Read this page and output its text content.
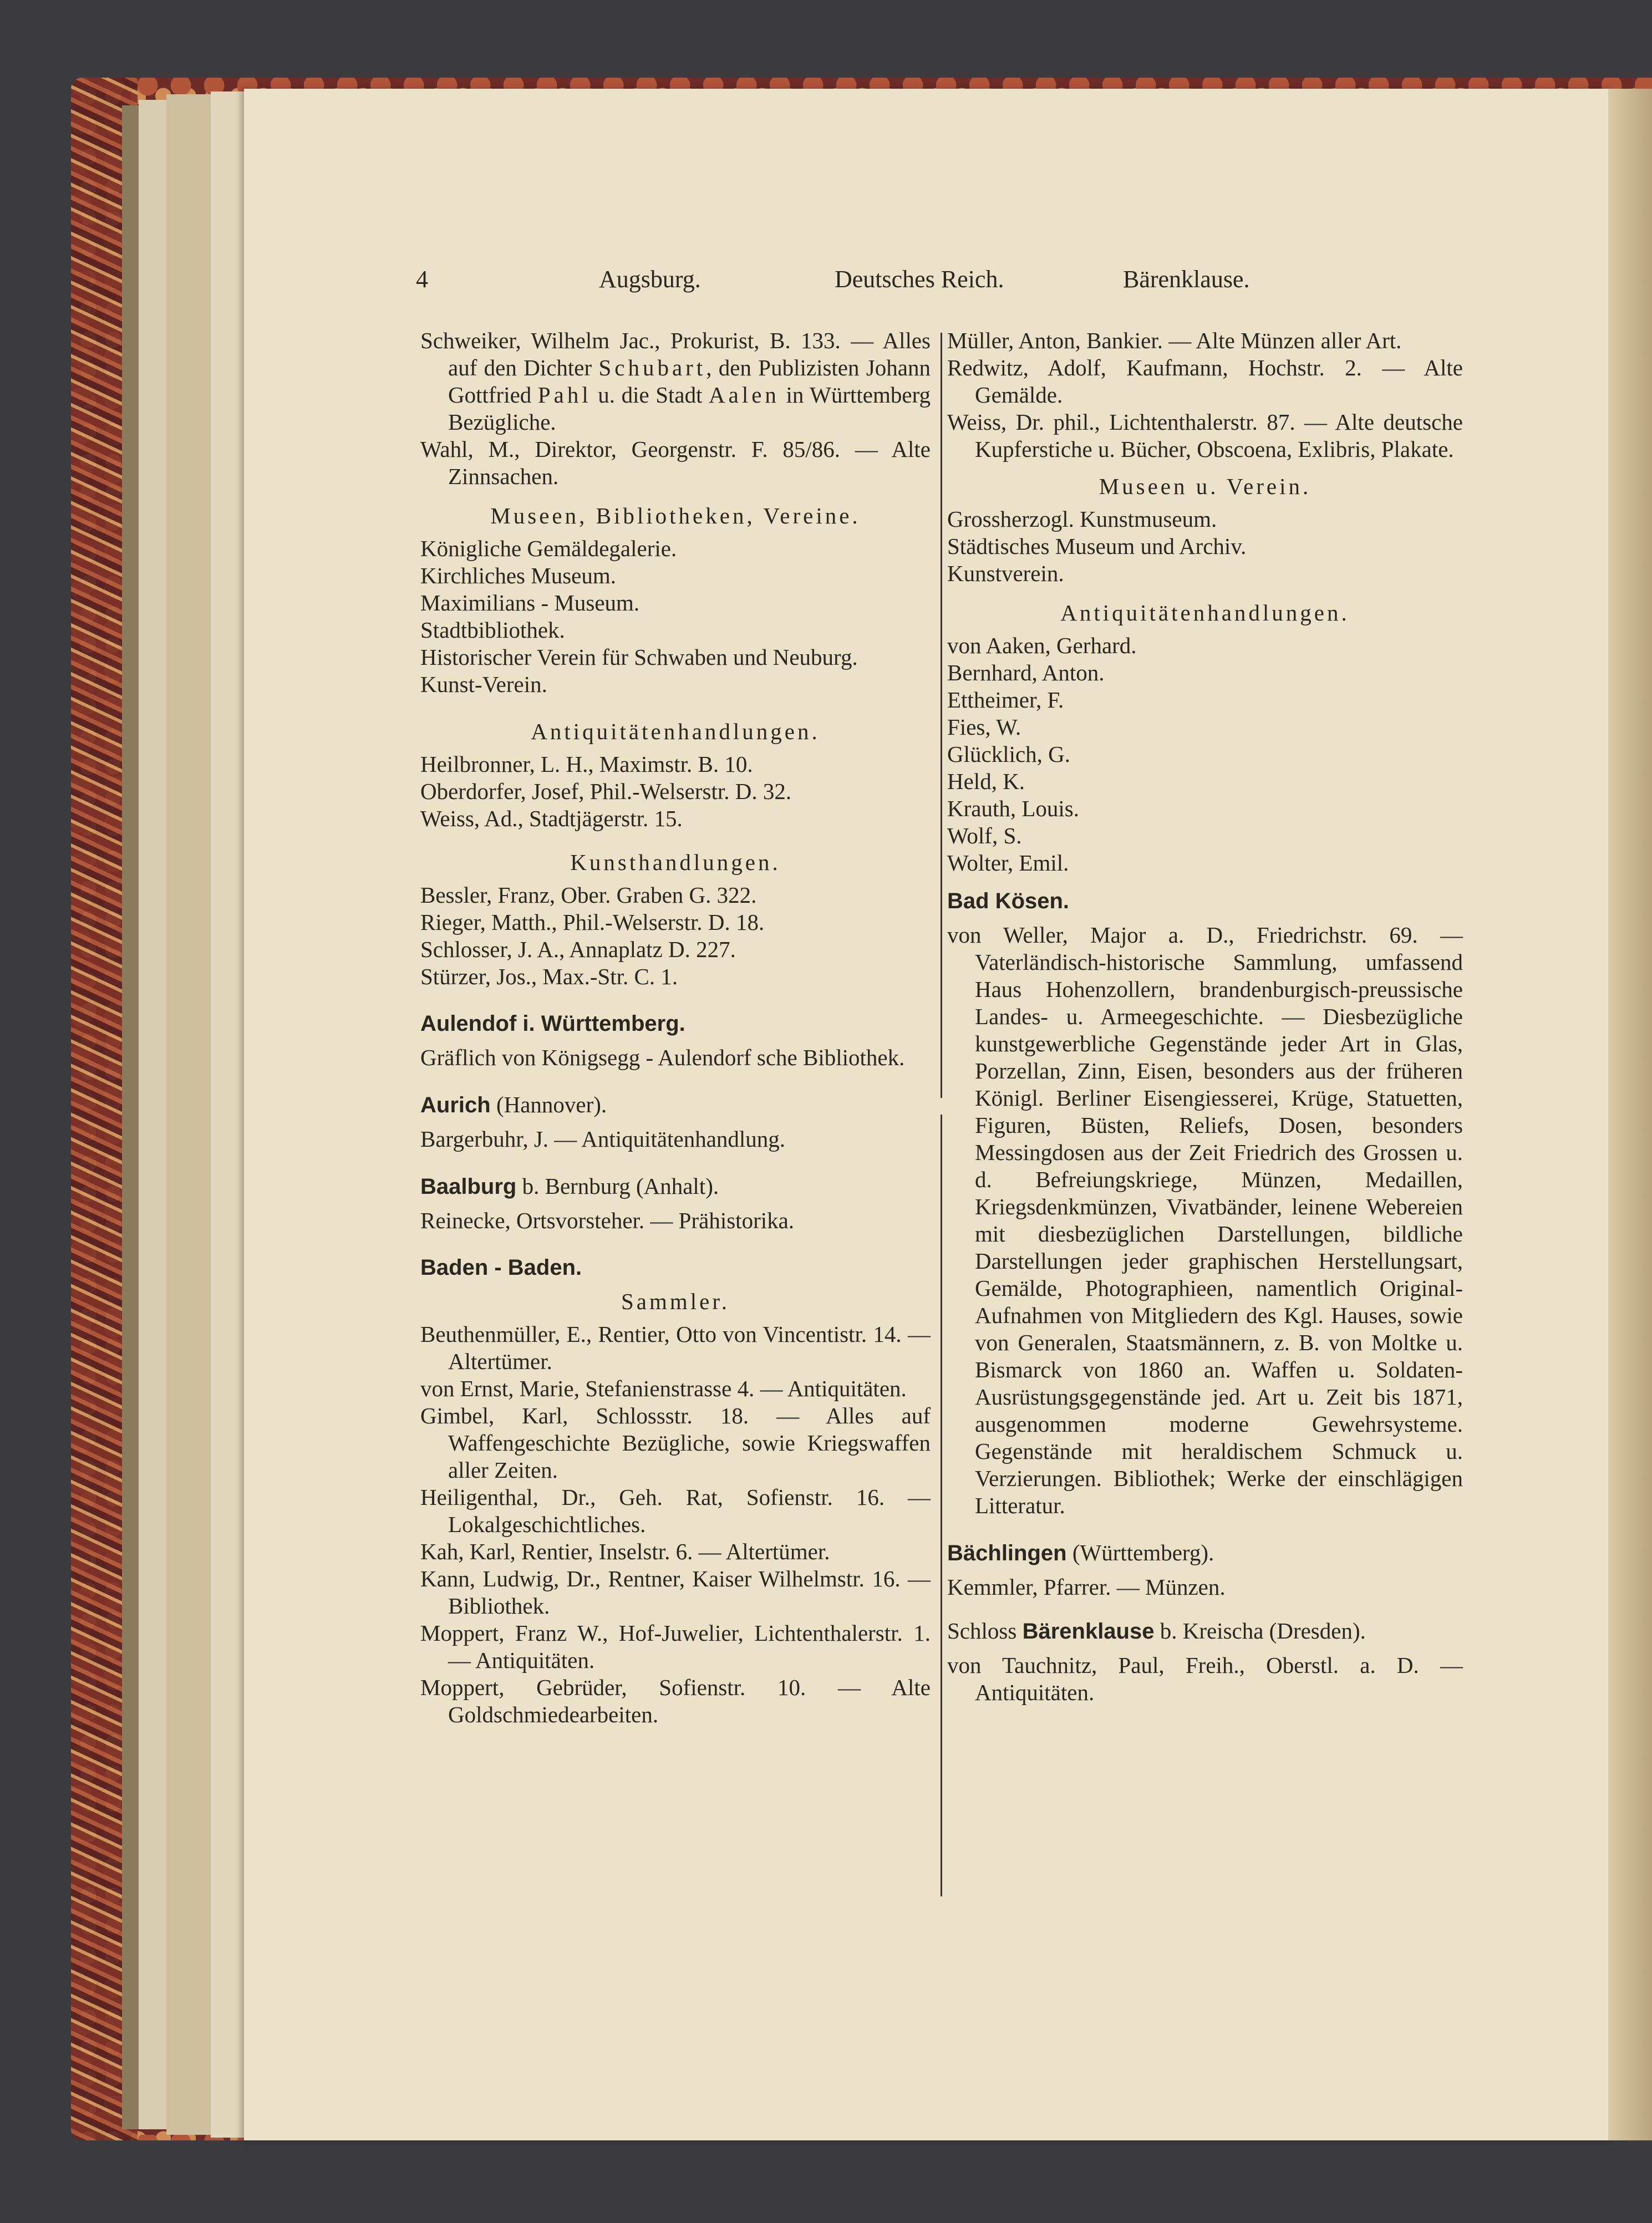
4	Augsburg.	Deutsches Reich.	Bärenklause.

Schweiker, Wilhelm Jac., Prokurist, B. 133. — Alles auf den Dichter Schubart, den Publizisten Johann Gottfried Pahl u. die Stadt Aalen in Württemberg Bezügliche.

Wahl, M., Direktor, Georgenstr. F. 85/86. — Alte Zinnsachen.

Museen, Bibliotheken, Vereine.

Königliche Gemäldegalerie.

Kirchliches Museum.

Maximilians - Museum.

Stadtbibliothek.

Historischer Verein für Schwaben und Neuburg.

Kunst-Verein.

Antiquitätenhandlungen.

Heilbronner, L. H., Maximstr. B. 10.

Oberdorfer, Josef, Phil.-Welserstr. D. 32.

Weiss, Ad., Stadtjägerstr. 15.

Kunsthandlungen.

Bessler, Franz, Ober. Graben G. 322.

Rieger, Matth., Phil.-Welserstr. D. 18.

Schlosser, J. A., Annaplatz D. 227.

Stürzer, Jos., Max.-Str. C. 1.

Aulendof i. Württemberg.

Gräflich von Königsegg - Aulendorf sche Bibliothek.

Aurich (Hannover).

Bargerbuhr, J. — Antiquitätenhandlung.

Baalburg b. Bernburg (Anhalt).

Reinecke, Ortsvorsteher. — Prähistorika.

Baden - Baden.

Sammler.

Beuthenmüller, E., Rentier, Otto von Vincentistr. 14. — Altertümer.

von Ernst, Marie, Stefanienstrasse 4. — Antiquitäten.

Gimbel, Karl, Schlossstr. 18. — Alles auf Waffengeschichte Bezügliche, sowie Kriegswaffen aller Zeiten.

Heiligenthal, Dr., Geh. Rat, Sofienstr. 16. — Lokalgeschichtliches.

Kah, Karl, Rentier, Inselstr. 6. — Altertümer.

Kann, Ludwig, Dr., Rentner, Kaiser Wilhelmstr. 16. — Bibliothek.

Moppert, Franz W., Hof-Juwelier, Lichtenthalerstr. 1. — Antiquitäten.

Moppert, Gebrüder, Sofienstr. 10. — Alte Goldschmiedearbeiten.

Müller, Anton, Bankier. — Alte Münzen aller Art.

Redwitz, Adolf, Kaufmann, Hochstr. 2. — Alte Gemälde.

Weiss, Dr. phil., Lichtenthalerstr. 87. — Alte deutsche Kupferstiche u. Bücher, Obscoena, Exlibris, Plakate.

Museen u. Verein.

Grossherzogl. Kunstmuseum.

Städtisches Museum und Archiv.

Kunstverein.

Antiquitätenhandlungen.

von Aaken, Gerhard.

Bernhard, Anton.

Ettheimer, F.

Fies, W.

Glücklich, G.

Held, K.

Krauth, Louis.

Wolf, S.

Wolter, Emil.

Bad Kösen.

von Weller, Major a. D., Friedrichstr. 69. — Vaterländisch-historische Sammlung, umfassend Haus Hohenzollern, brandenburgisch-preussische Landes- u. Armeegeschichte. — Diesbezügliche kunstgewerbliche Gegenstände jeder Art in Glas, Porzellan, Zinn, Eisen, besonders aus der früheren Königl. Berliner Eisengiesserei, Krüge, Statuetten, Figuren, Büsten, Reliefs, Dosen, besonders Messingdosen aus der Zeit Friedrich des Grossen u. d. Befreiungskriege, Münzen, Medaillen, Kriegsdenkmünzen, Vivatbänder, leinene Webereien mit diesbezüglichen Darstellungen, bildliche Darstellungen jeder graphischen Herstellungsart, Gemälde, Photographieen, namentlich Original-Aufnahmen von Mitgliedern des Kgl. Hauses, sowie von Generalen, Staatsmännern, z. B. von Moltke u. Bismarck von 1860 an. Waffen u. Soldaten-Ausrüstungsgegenstände jed. Art u. Zeit bis 1871, ausgenommen moderne Gewehrsysteme. Gegenstände mit heraldischem Schmuck u. Verzierungen. Bibliothek; Werke der einschlägigen Litteratur.

Bächlingen (Württemberg).

Kemmler, Pfarrer. — Münzen.

Schloss Bärenklause b. Kreischa (Dresden).

von Tauchnitz, Paul, Freih., Oberstl. a. D. — Antiquitäten.
